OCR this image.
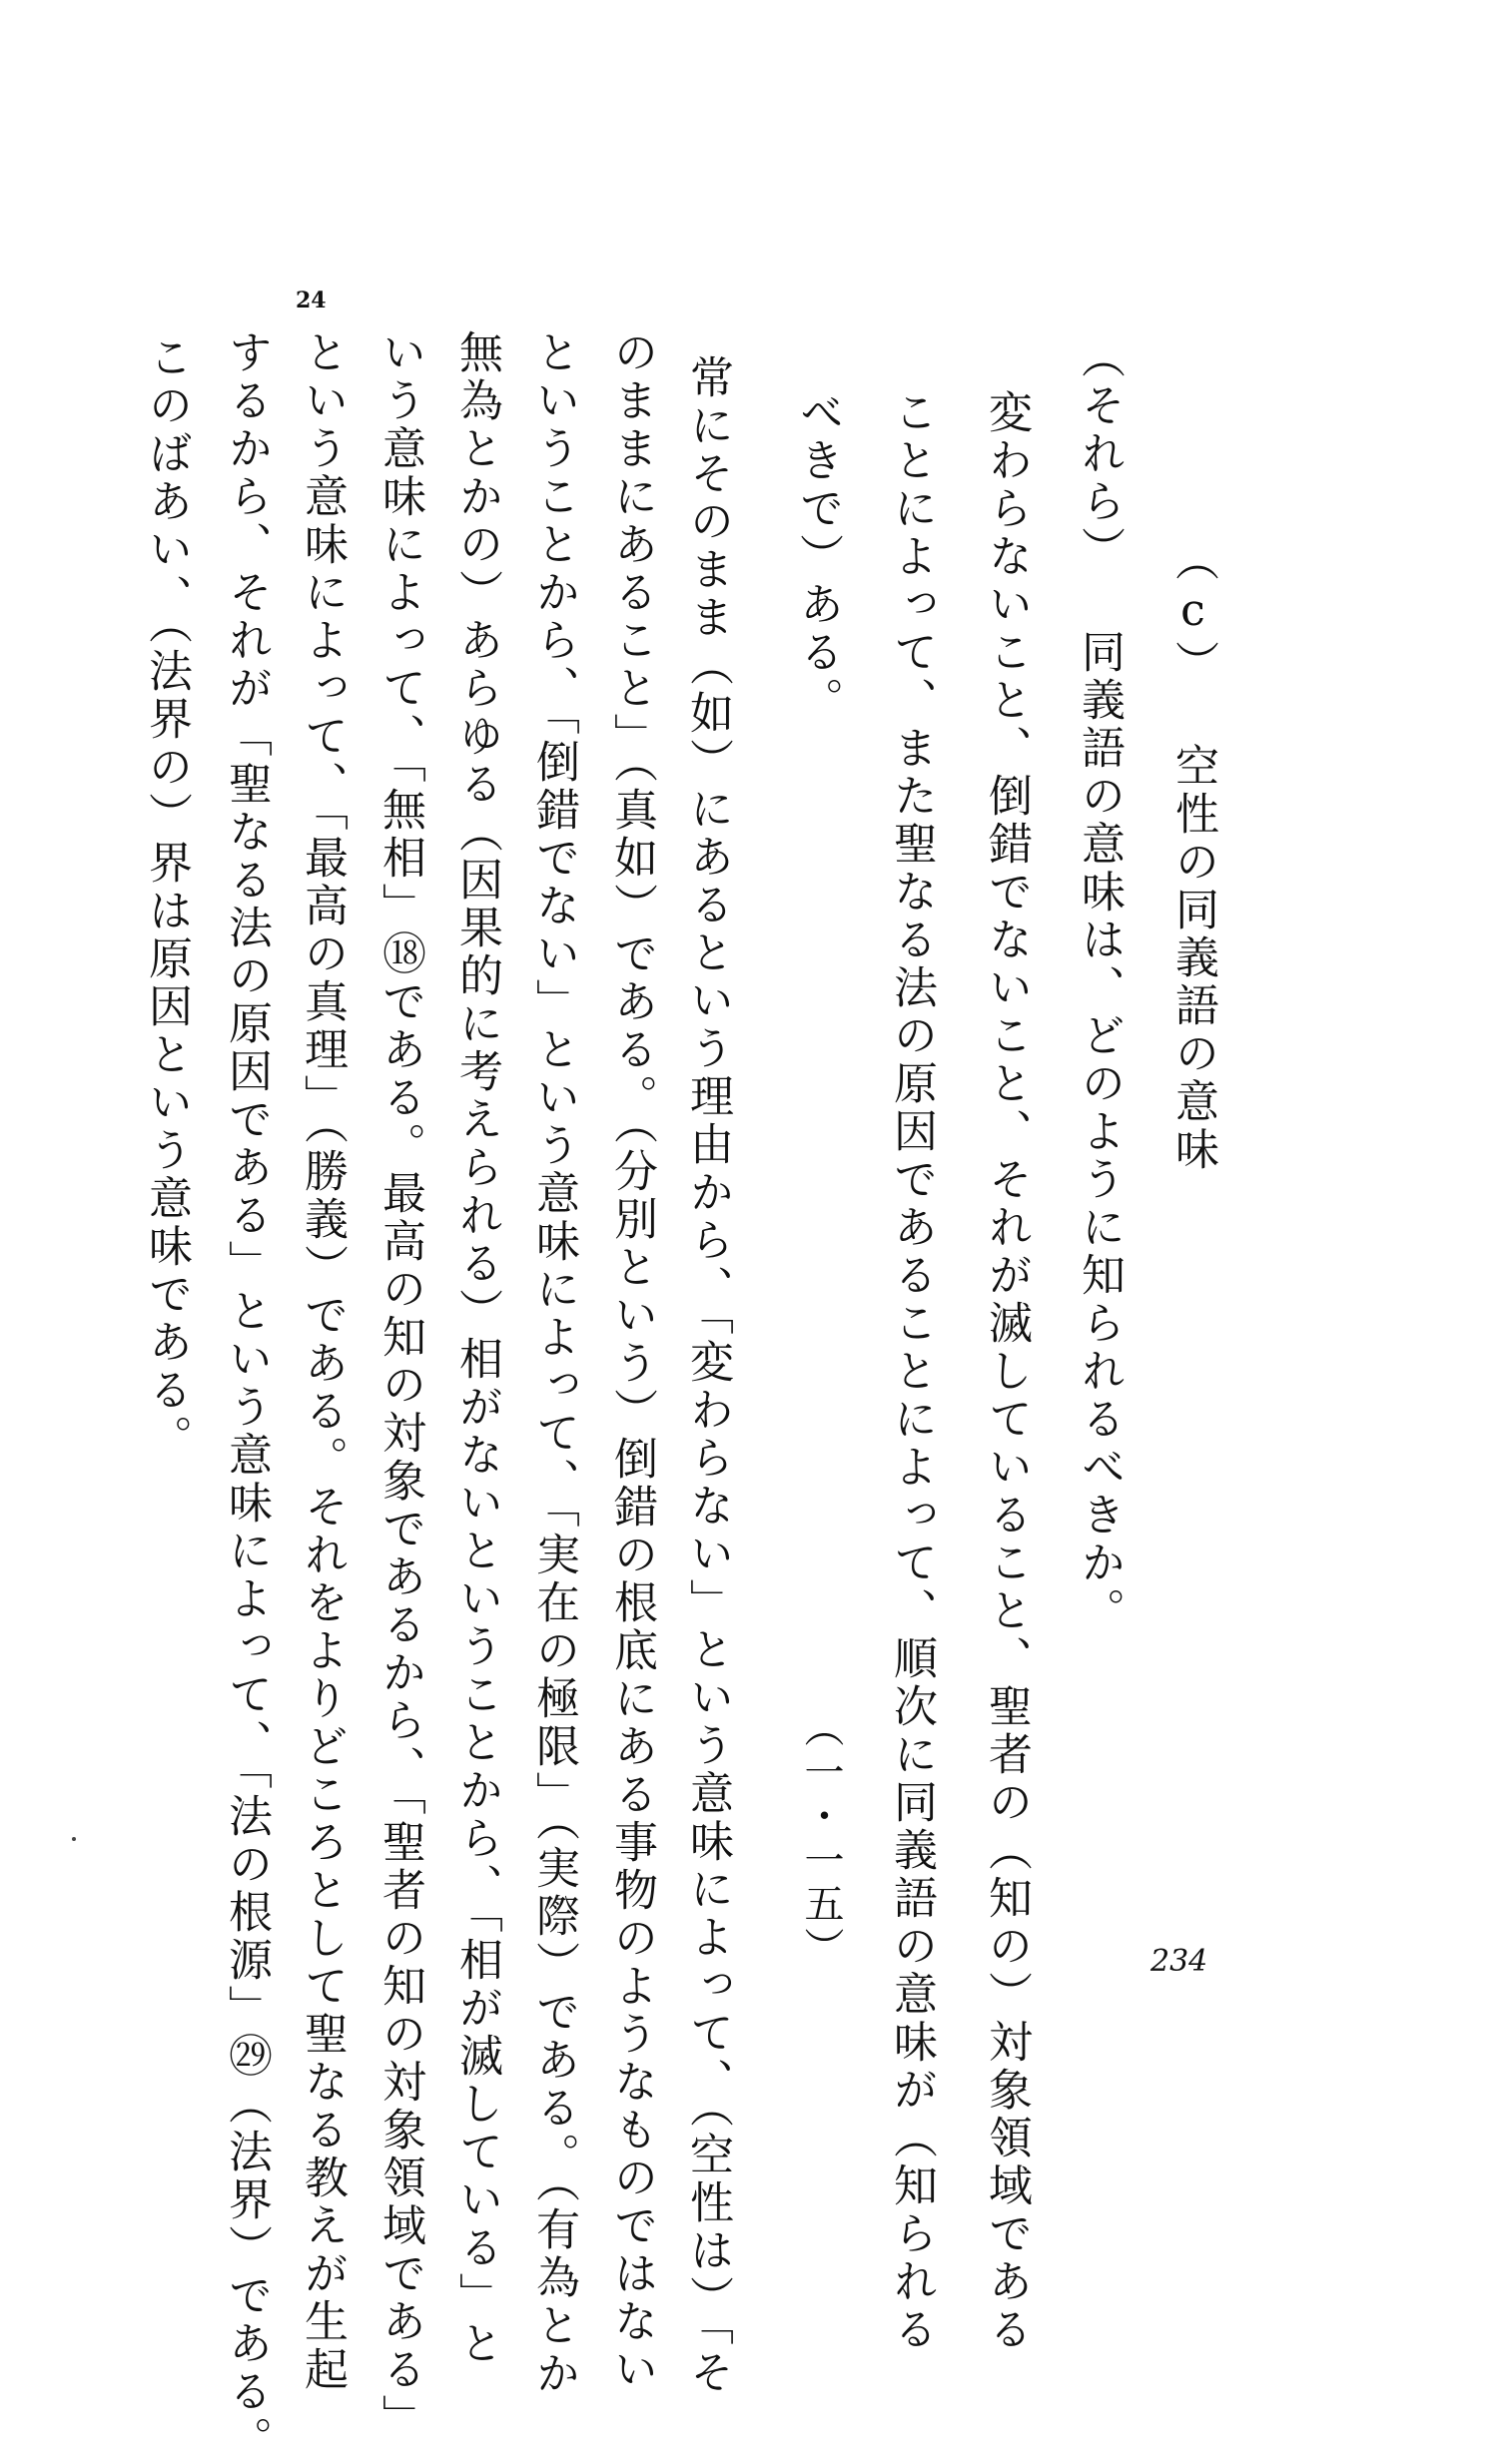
（c） 空性の同義語の意味
（それら） 同義語の意味は、どのように知られるべきか。
変わらないこと、倒錯でないこと、それが滅していること、聖者の（知の）対象領域である
ことによって、また聖なる法の原因であることによって、順次に同義語の意味が（知られる
べきで）ある。
（一・一五）
常にそのまま（如）にあるという理由から、「変わらない」という意味によって、（空性は）「そ
のままにあること」（真如）である。（分別という）倒錯の根底にある事物のようなものではない
ということから、「倒錯でない」という意味によって、「実在の極限」（実際）である。（有為とか
無為とかの）あらゆる（因果的に考えられる）相がないということから、「相が滅している」と
いう意味によって、「無相」⑱である。最高の知の対象であるから、「聖者の知の対象領域である」
という意味によって、「最高の真理」（勝義）である。それをよりどころとして聖なる教えが生起
するから、それが「聖なる法の原因である」という意味によって、「法の根源」㉙（法界）である。
このばあい、（法界の）界は原因という意味である。
24
234
